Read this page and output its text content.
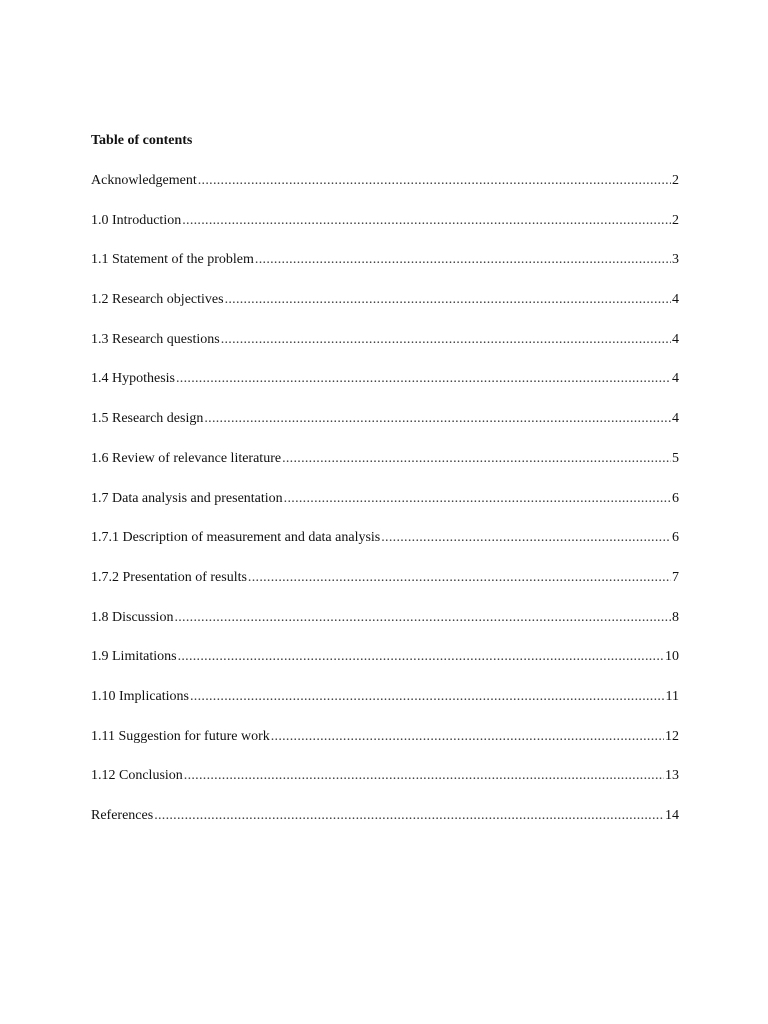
Table of contents
Acknowledgement .....	2
1.0 Introduction .....	2
1.1 Statement of the problem .....	3
1.2 Research objectives .....	4
1.3 Research questions .....	4
1.4 Hypothesis .....	4
1.5 Research design .....	4
1.6 Review of relevance literature .....	5
1.7 Data analysis and presentation .....	6
1.7.1 Description of measurement and data analysis .....	6
1.7.2 Presentation of results .....	7
1.8 Discussion .....	8
1.9 Limitations .....	10
1.10 Implications .....	11
1.11 Suggestion for future work .....	12
1.12 Conclusion .....	13
References .....	14
